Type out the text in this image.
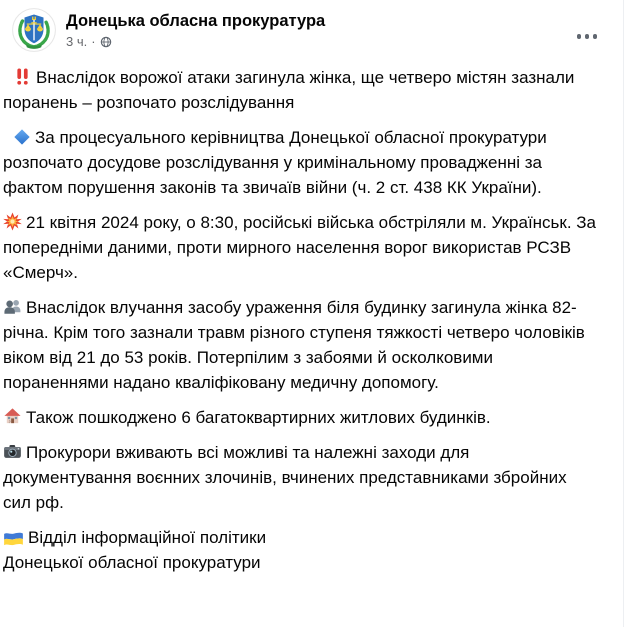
Донецька обласна прокуратура
3 ч. ·

Внаслідок ворожої атаки загинула жінка, ще четверо містян зазнали поранень – розпочато розслідування

За процесуального керівництва Донецької обласної прокуратури розпочато досудове розслідування у кримінальному провадженні за фактом порушення законів та звичаїв війни (ч. 2 ст. 438 КК України).

21 квітня 2024 року, о 8:30, російські війська обстріляли м. Українськ. За попередніми даними, проти мирного населення ворог використав РСЗВ «Смерч».

Внаслідок влучання засобу ураження біля будинку загинула жінка 82-річна. Крім того зазнали травм різного ступеня тяжкості четверо чоловіків віком від 21 до 53 років. Потерпілим з забоями й осколковими пораненнями надано кваліфіковану медичну допомогу.

Також пошкоджено 6 багатоквартирних житлових будинків.

Прокурори вживають всі можливі та належні заходи для документування воєнних злочинів, вчинених представниками збройних сил рф.

Відділ інформаційної політики
Донецької обласної прокуратури
